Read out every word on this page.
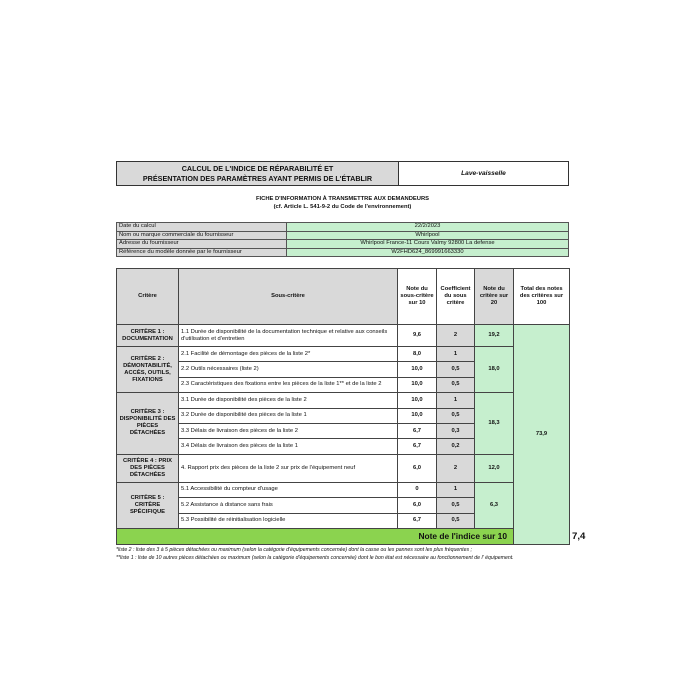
CALCUL DE L'INDICE DE RÉPARABILITÉ ET
PRÉSENTATION DES PARAMÈTRES AYANT PERMIS DE L'ÉTABLIR	Lave-vaisselle
FICHE D'INFORMATION À TRANSMETTRE AUX DEMANDEURS
(cf. Article L. 541-9-2 du Code de l'environnement)
Date du calcul	22/2/2023
Nom ou marque commerciale du fournisseur	Whirlpool
Adresse du fournisseur	Whirlpool France-11 Cours Valmy 92800 La defense
Référence du modèle donnée par le fournisseur	W2FHD624_869991663330
Critère	Sous-critère	Note du sous-critère sur 10	Coefficient du sous critère	Note du critère sur 20	Total des notes des critères sur 100	
CRITÈRE 1 : DOCUMENTATION	1.1 Durée de disponibilité de la documentation technique et relative aux conseils d'utilisation et d'entretien	9,6	2	19,2	73,9	
CRITÈRE 2 : DÉMONTABILITÉ, ACCÈS, OUTILS, FIXATIONS	2.1 Facilité de démontage des pièces de la liste 2*	8,0	1	18,0		
	2.2 Outils nécessaires (liste 2)	10,0	0,5			
	2.3 Caractéristiques des fixations entre les pièces de la liste 1** et de la liste 2	10,0	0,5			
CRITÈRE 3 : DISPONIBILITÉ DES PIÈCES DÉTACHÉES	3.1 Durée de disponibilité des pièces de la liste 2	10,0	1	18,3		
	3.2 Durée de disponibilité des pièces de la liste 1	10,0	0,5			
	3.3 Délais de livraison des pièces de la liste 2	6,7	0,3			
	3.4 Délais de livraison des pièces de la liste 1	6,7	0,2			
CRITÈRE 4 : PRIX DES PIÈCES DÉTACHÉES	4. Rapport prix des pièces de la liste 2 sur prix de l'équipement neuf	6,0	2	12,0		
CRITÈRE 5 : CRITÈRE SPÉCIFIQUE	5.1 Accessibilité du compteur d'usage	0	1	6,3		
	5.2 Assistance à distance sans frais	6,0	0,5			
	5.3 Possibilité de réinitialisation logicielle	6,7	0,5			
Note de l'indice sur 10						7,4
*liste 2 : liste des 3 à 5 pièces détachées ou maximum (selon la catégorie d'équipements concernée) dont la casse ou les pannes sont les plus fréquentes ;
**liste 1 : liste de 10 autres pièces détachées ou maximum (selon la catégorie d'équipements concernée) dont le bon état est nécessaire au fonctionnement de l' équipement.
